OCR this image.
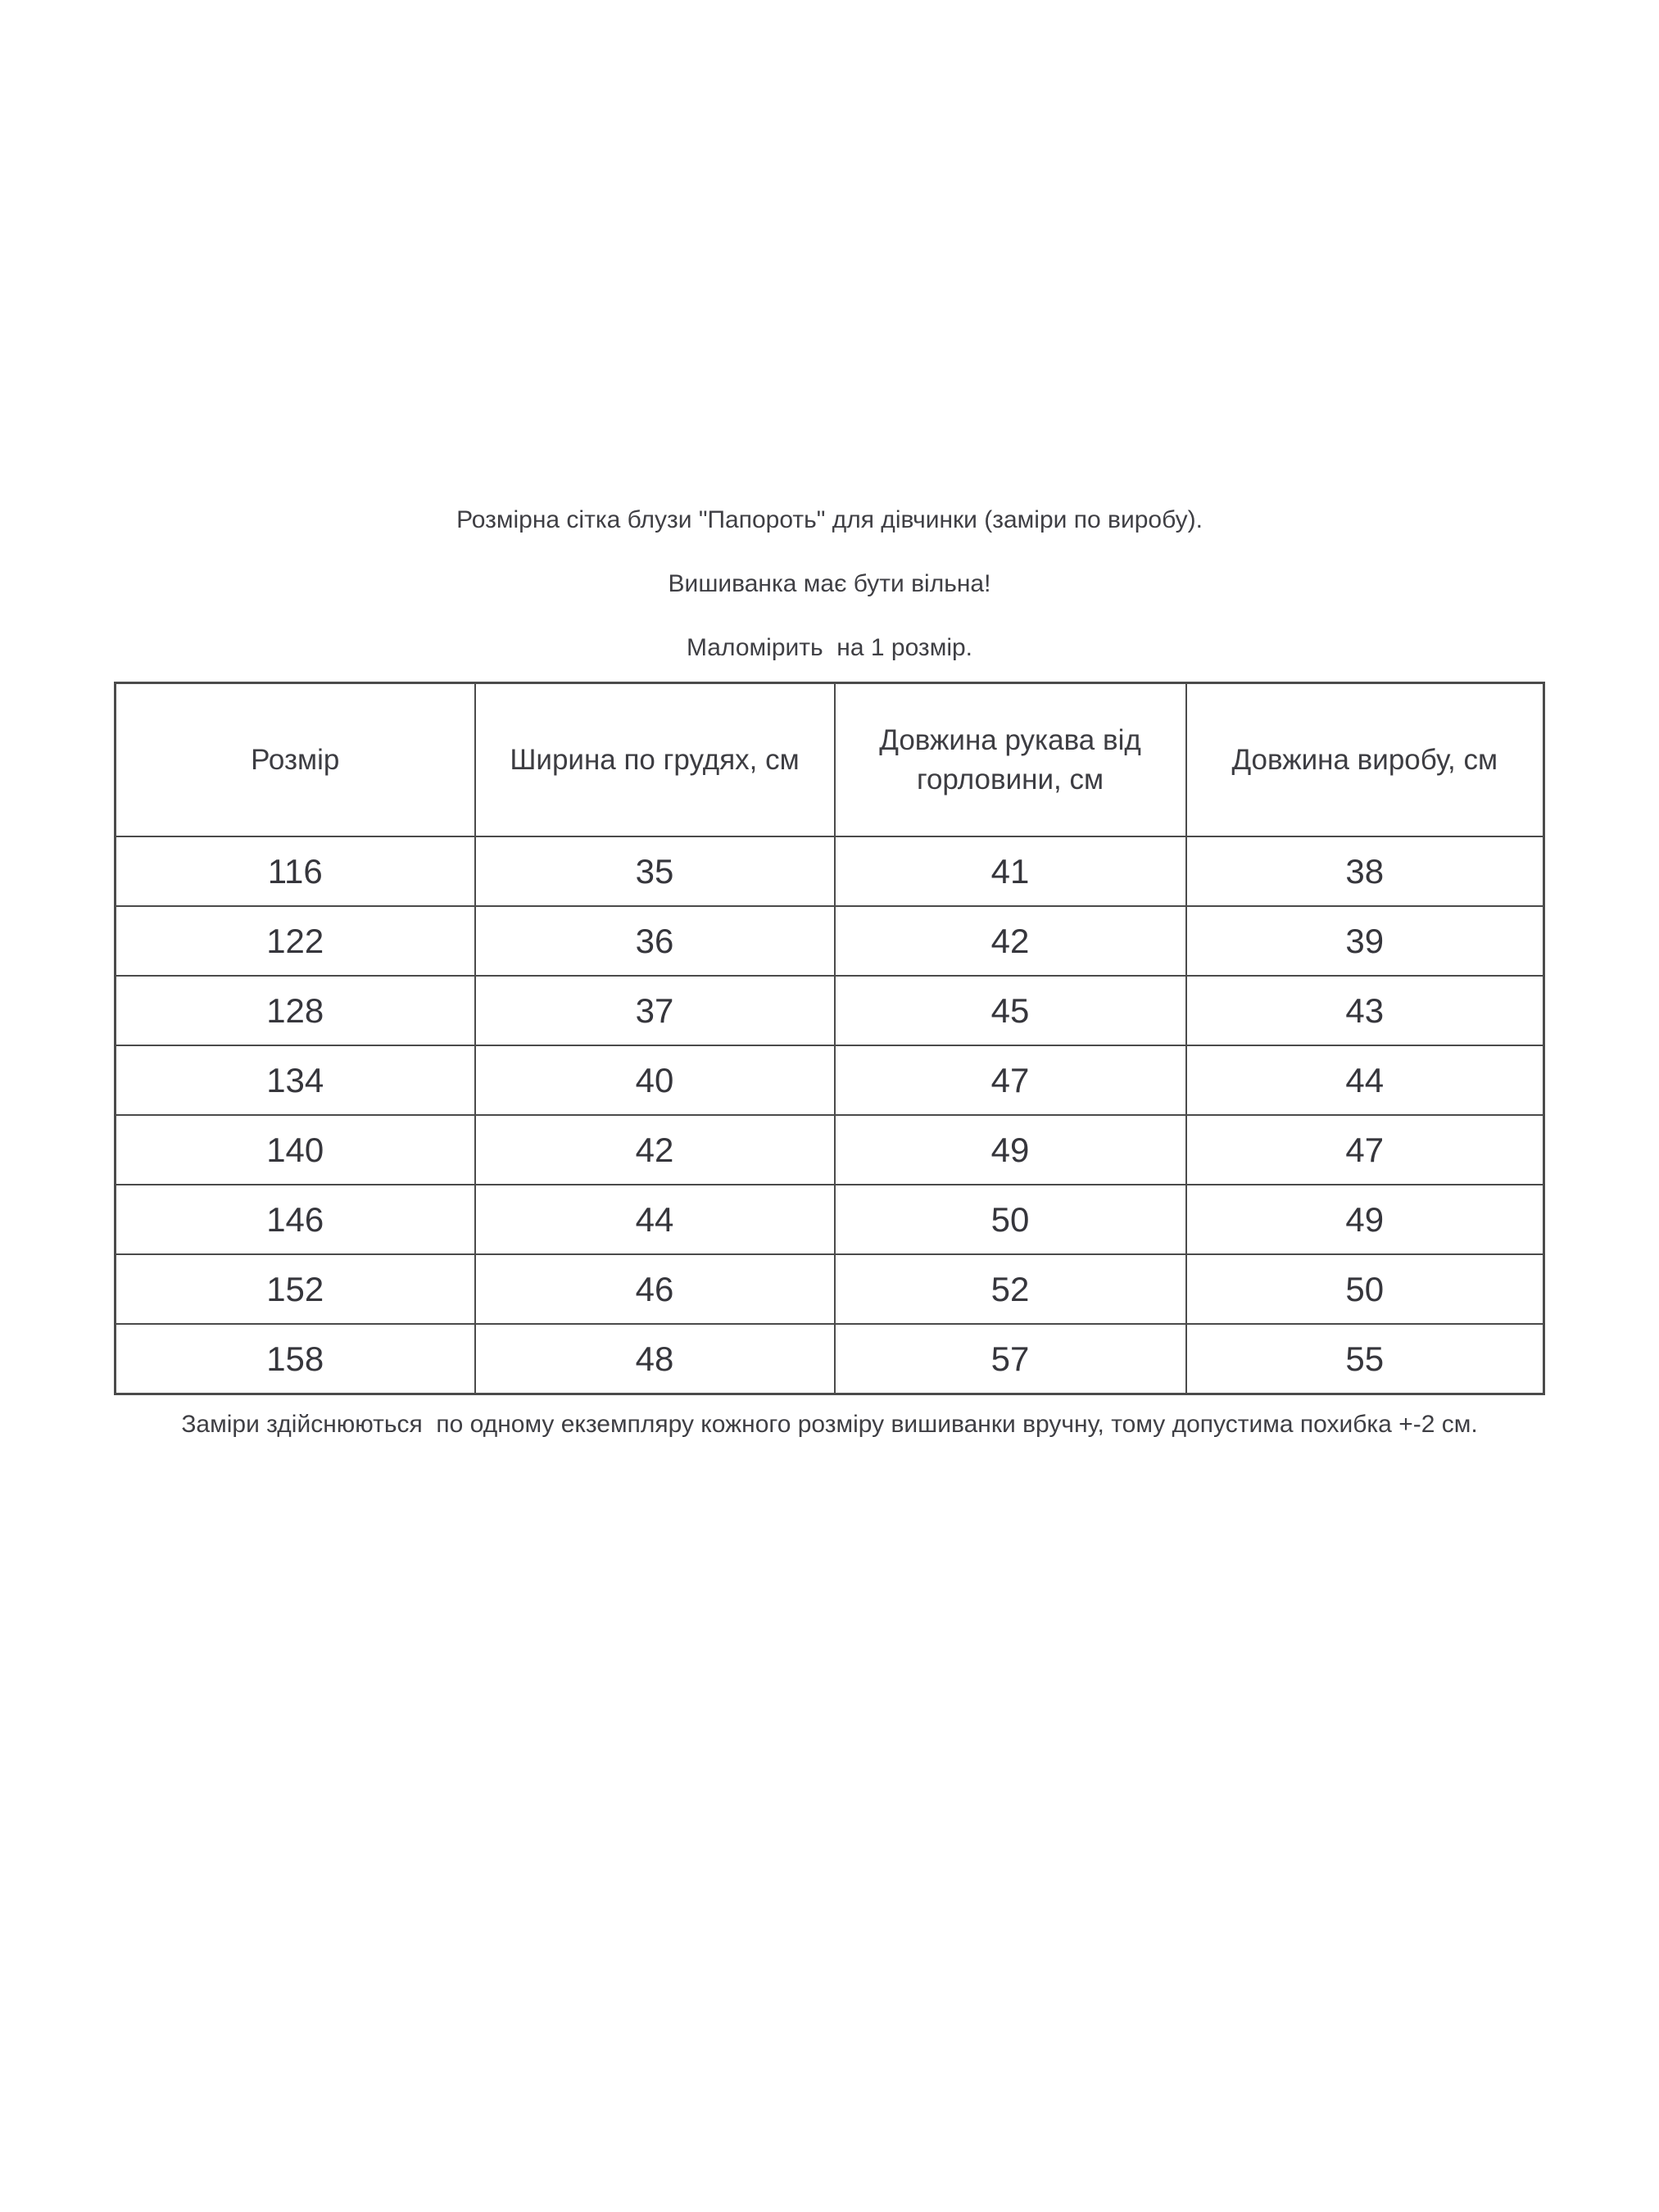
Розмірна сітка блузи "Папороть" для дівчинки (заміри по виробу).

Вишиванка має бути вільна!

Маломірить  на 1 розмір.

Розмір	Ширина по грудях, см	Довжина рукава від горловини, см	Довжина виробу, см
116	35	41	38
122	36	42	39
128	37	45	43
134	40	47	44
140	42	49	47
146	44	50	49
152	46	52	50
158	48	57	55

Заміри здійснюються  по одному екземпляру кожного розміру вишиванки вручну, тому допустима похибка +-2 см.
